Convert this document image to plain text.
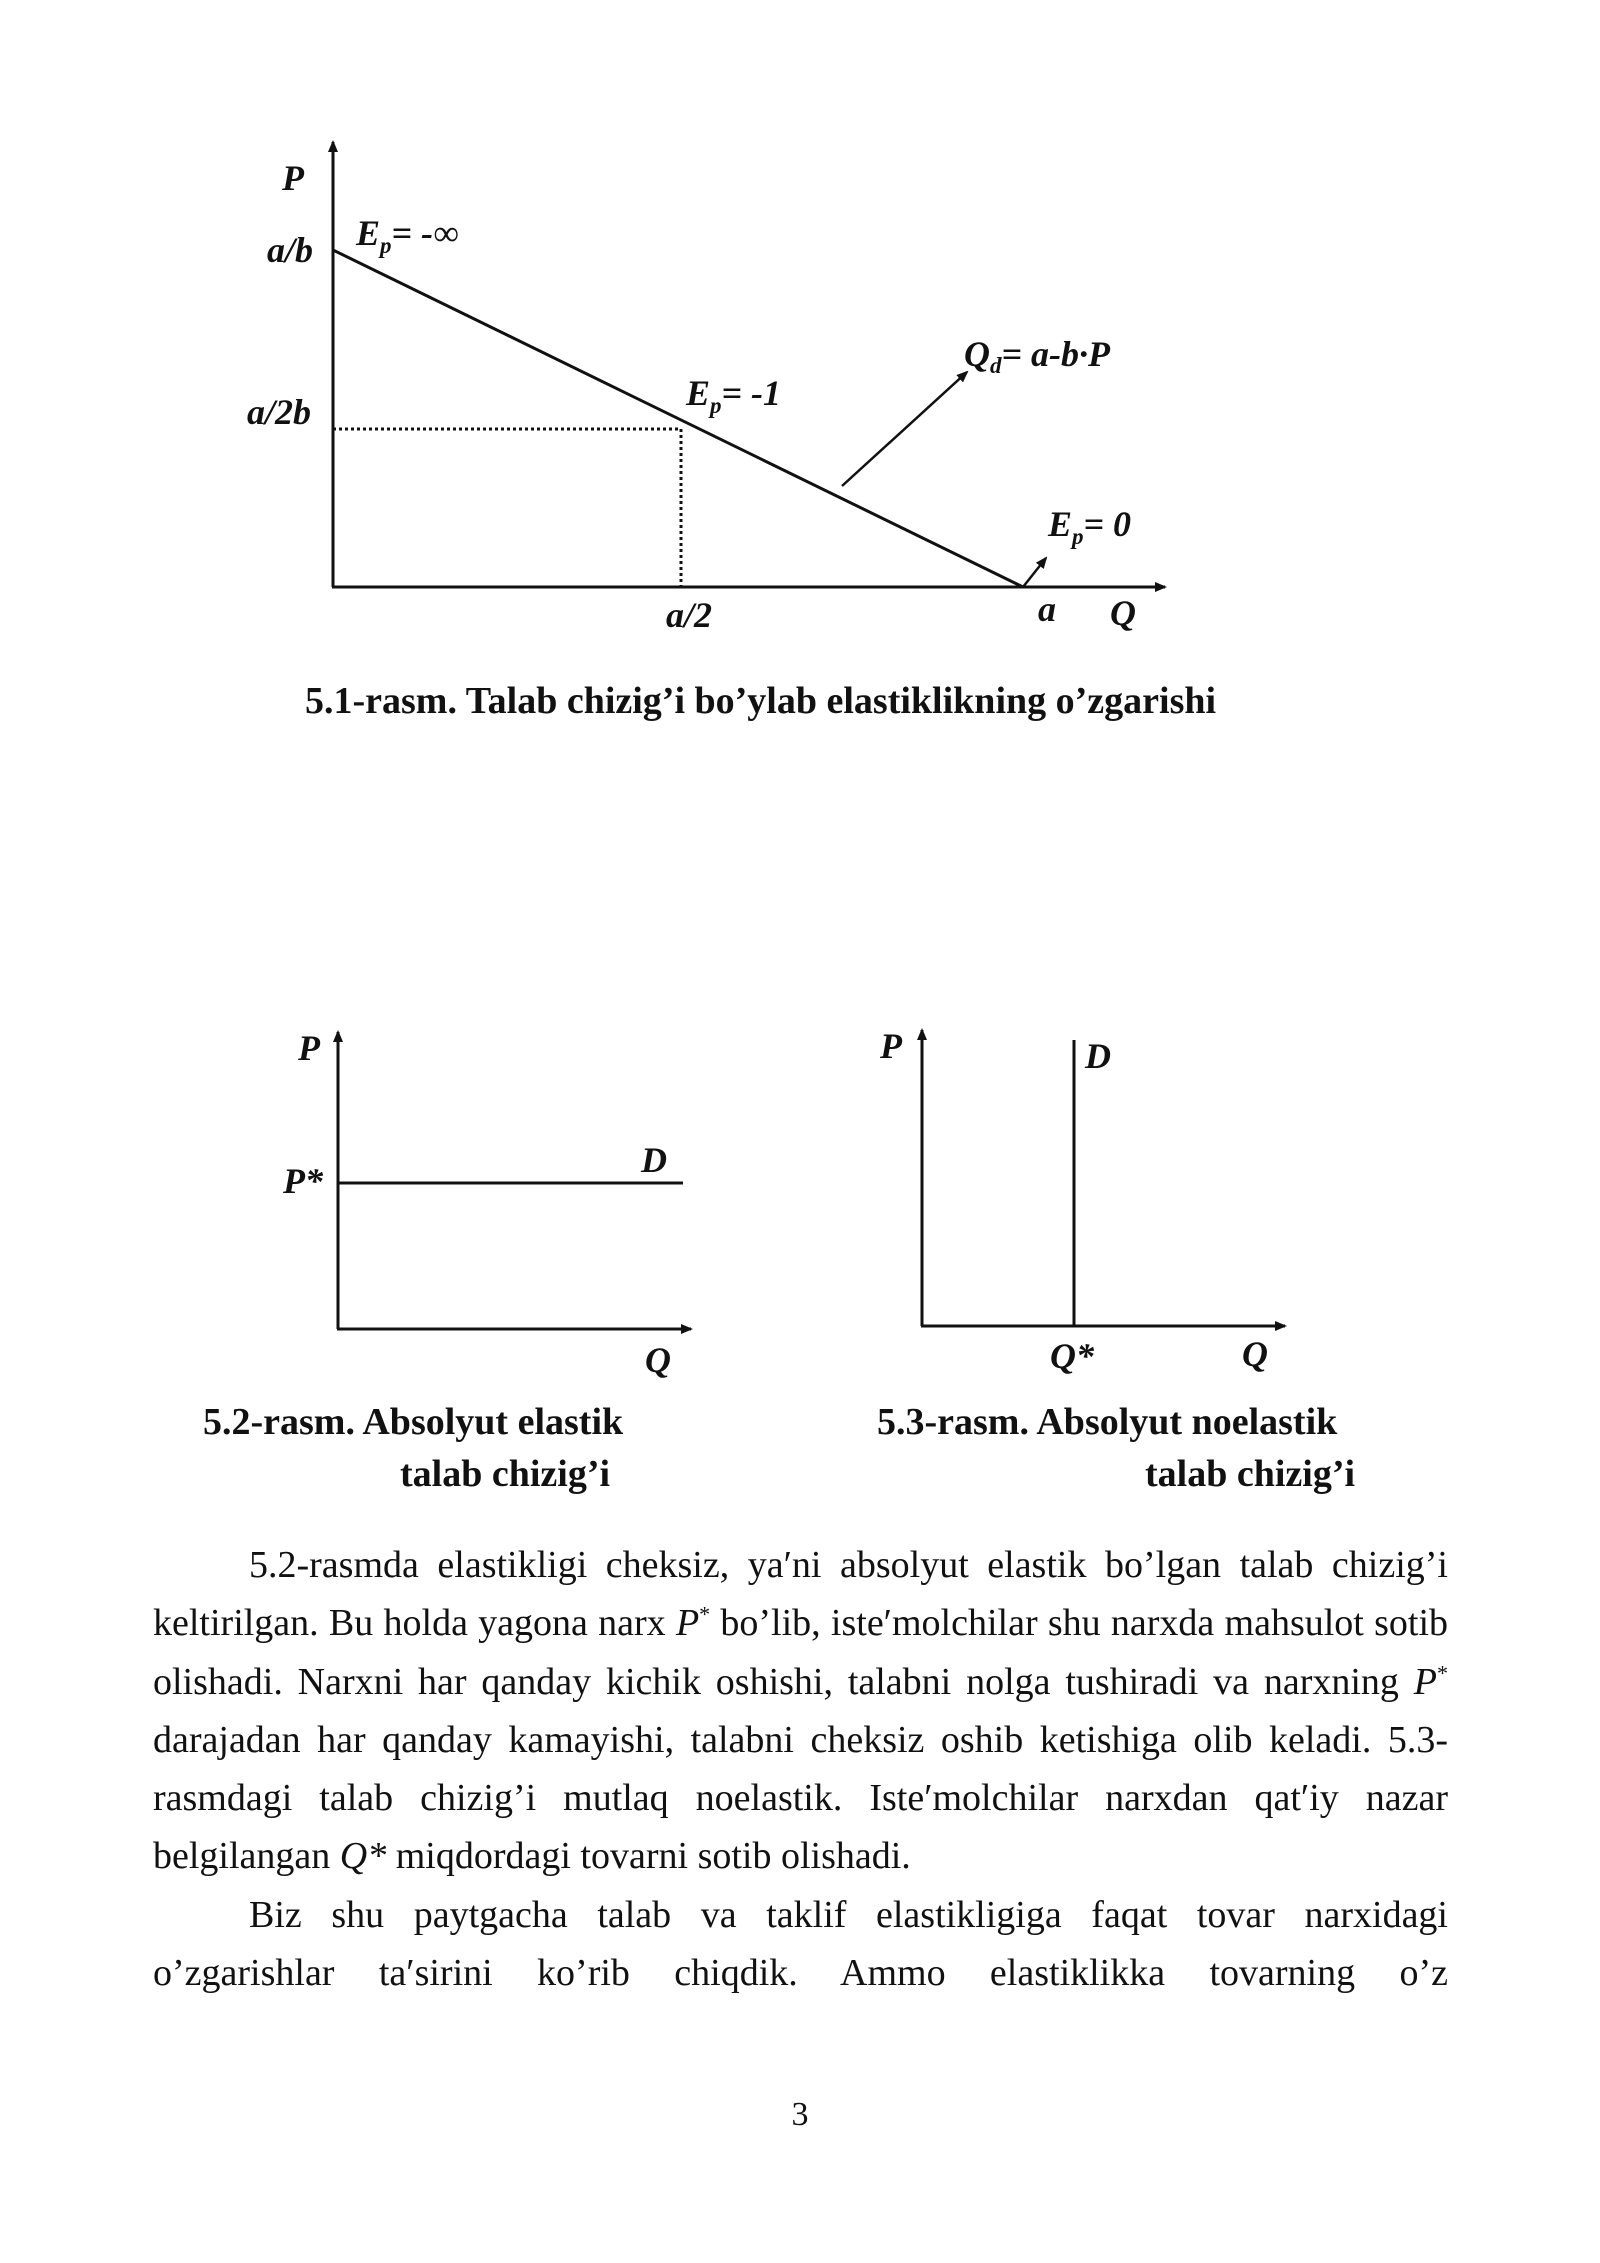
P
a/b
a/2b
a/2	a Q
$E_p=$ -∞
$E_p= -1$
Qd= a-b·P
$E_p= 0$
5.1-rasm. Talab chizig’i bo’ylab elastiklikning o’zgarishi
P
P*
D
Q
5.2-rasm. Absolyut elastik
talab chizig’i
P	D
Q*	Q
5.3-rasm. Absolyut noelastik
talab chizig’i

5.2-rasmda elastikligi cheksiz, ya′ni absolyut elastik bo’lgan talab chizig’i keltirilgan. Bu holda yagona narx P* bo’lib, iste′molchilar shu narxda mahsulot sotib olishadi. Narxni har qanday kichik oshishi, talabni nolga tushiradi va narxning P* darajadan har qanday kamayishi, talabni cheksiz oshib ketishiga olib keladi. 5.3-rasmdagi talab chizig’i mutlaq noelastik. Iste′molchilar narxdan qat′iy nazar belgilangan Q* miqdordagi tovarni sotib olishadi.

Biz shu paytgacha talab va taklif elastikligiga faqat tovar narxidagi o’zgarishlar ta′sirini ko’rib chiqdik. Ammo elastiklikka tovarning o’z

3
